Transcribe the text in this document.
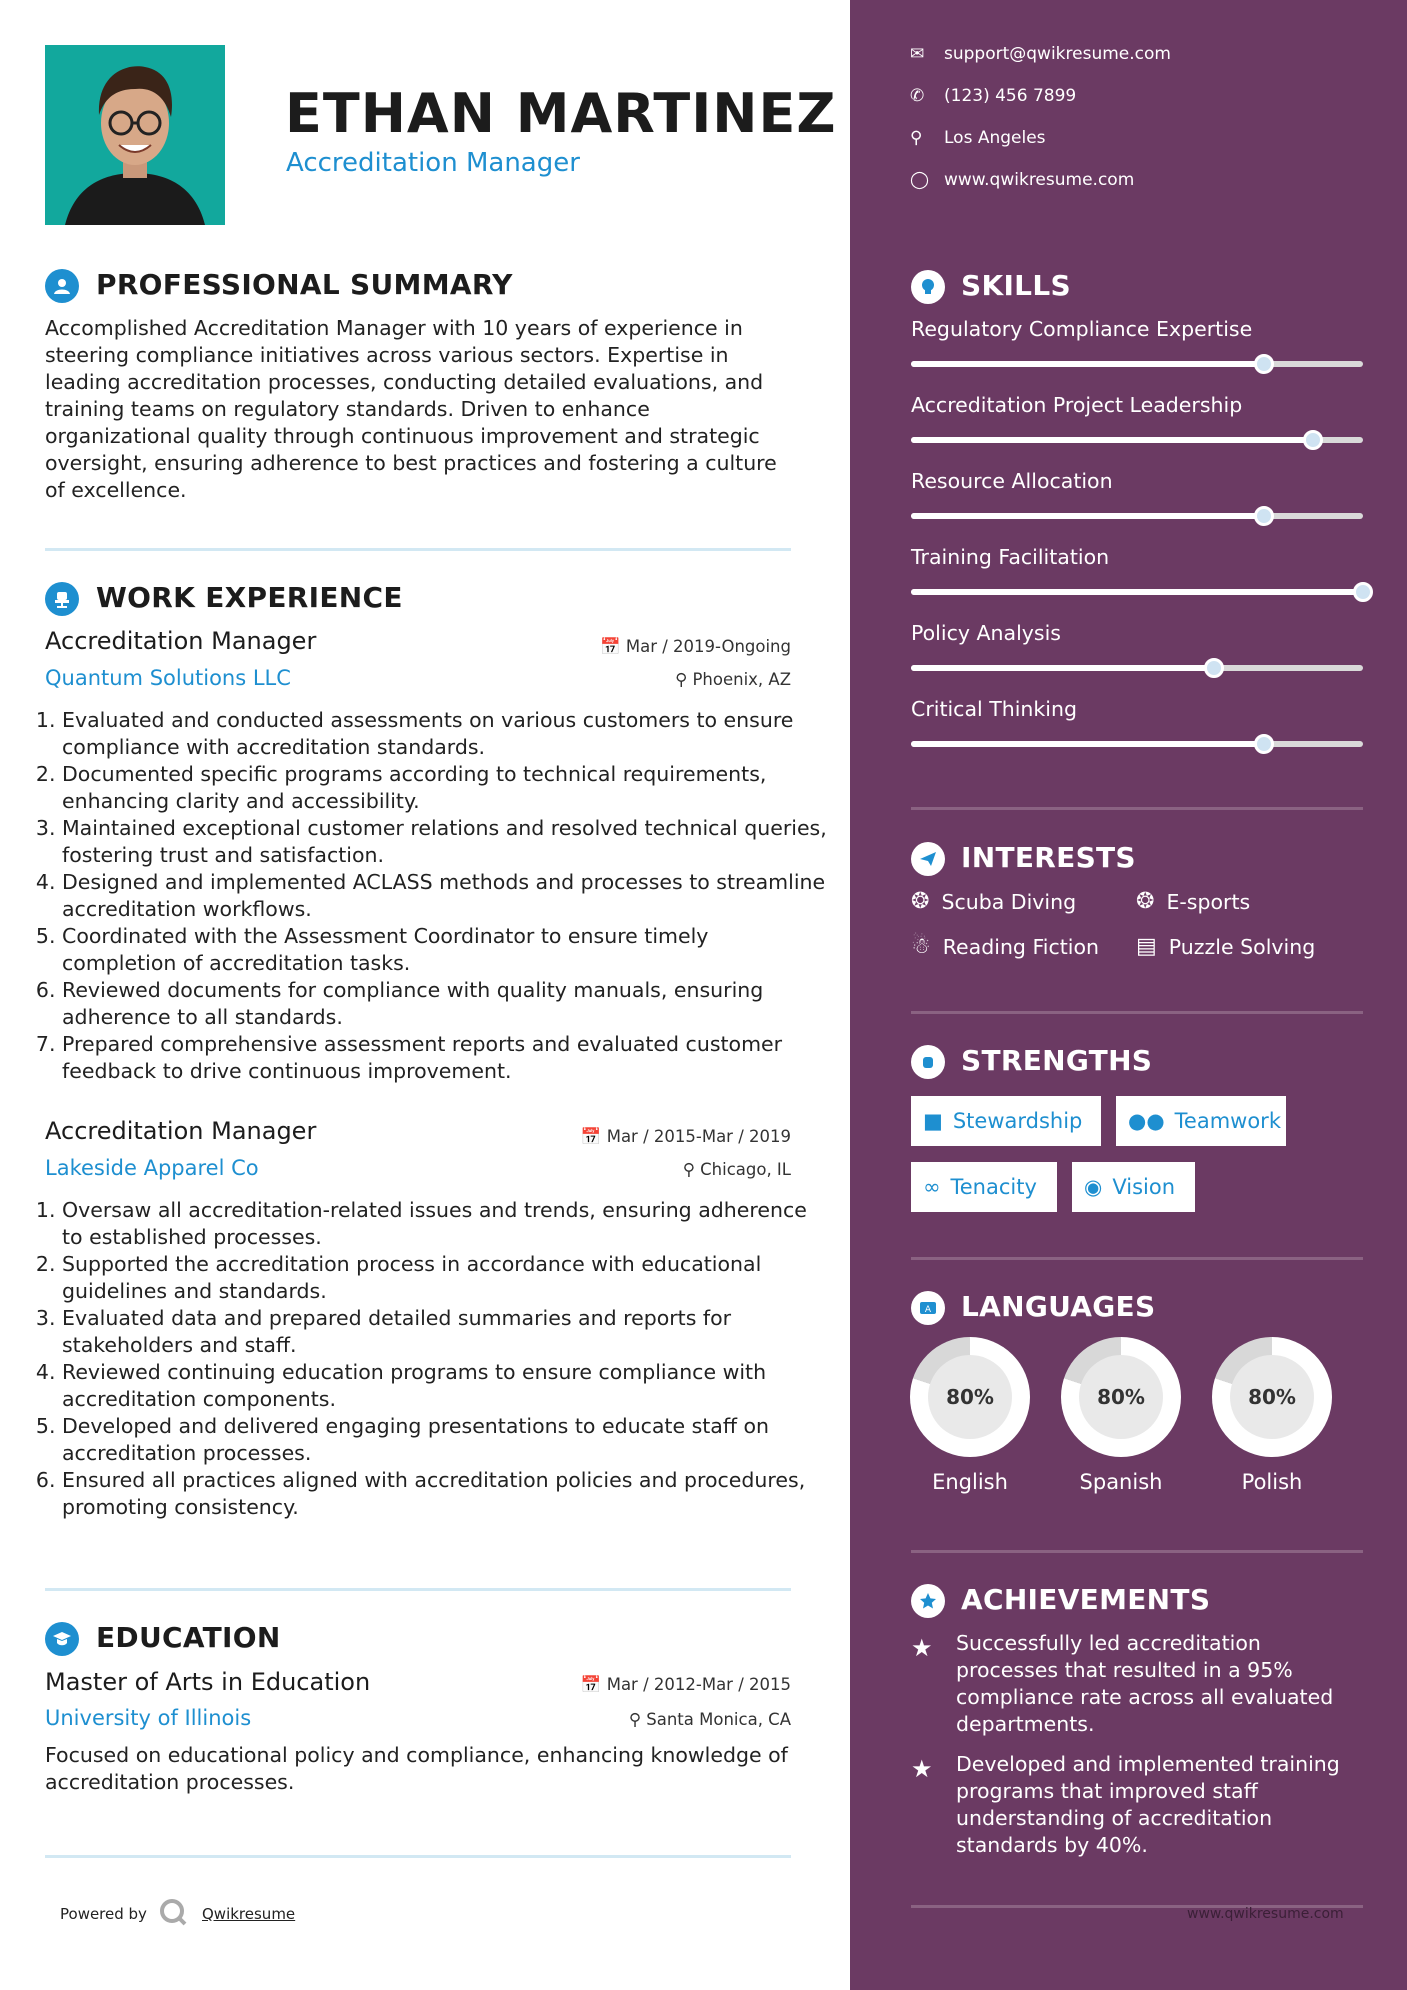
ETHAN MARTINEZ
Accreditation Manager
PROFESSIONAL SUMMARY
Accomplished Accreditation Manager with 10 years of experience in steering compliance initiatives across various sectors. Expertise in leading accreditation processes, conducting detailed evaluations, and training teams on regulatory standards. Driven to enhance organizational quality through continuous improvement and strategic oversight, ensuring adherence to best practices and fostering a culture of excellence.
WORK EXPERIENCE
Accreditation Manager	📅 Mar / 2019-Ongoing
Quantum Solutions LLC	⚲ Phoenix, AZ
1. Evaluated and conducted assessments on various customers to ensure compliance with accreditation standards.
2. Documented specific programs according to technical requirements, enhancing clarity and accessibility.
3. Maintained exceptional customer relations and resolved technical queries, fostering trust and satisfaction.
4. Designed and implemented ACLASS methods and processes to streamline accreditation workflows.
5. Coordinated with the Assessment Coordinator to ensure timely completion of accreditation tasks.
6. Reviewed documents for compliance with quality manuals, ensuring adherence to all standards.
7. Prepared comprehensive assessment reports and evaluated customer feedback to drive continuous improvement.
Accreditation Manager	📅 Mar / 2015-Mar / 2019
Lakeside Apparel Co	⚲ Chicago, IL
1. Oversaw all accreditation-related issues and trends, ensuring adherence to established processes.
2. Supported the accreditation process in accordance with educational guidelines and standards.
3. Evaluated data and prepared detailed summaries and reports for stakeholders and staff.
4. Reviewed continuing education programs to ensure compliance with accreditation components.
5. Developed and delivered engaging presentations to educate staff on accreditation processes.
6. Ensured all practices aligned with accreditation policies and procedures, promoting consistency.
EDUCATION
Master of Arts in Education	📅 Mar / 2012-Mar / 2015
University of Illinois	⚲ Santa Monica, CA
Focused on educational policy and compliance, enhancing knowledge of accreditation processes.
Powered by	Qwikresume
✉ support@qwikresume.com
✆ (123) 456 7899
⚲ Los Angeles
◯ www.qwikresume.com
SKILLS
Regulatory Compliance Expertise
Accreditation Project Leadership
Resource Allocation
Training Facilitation
Policy Analysis
Critical Thinking
INTERESTS
❂ Scuba Diving	❂ E-sports
☃ Reading Fiction ▤ Puzzle Solving
STRENGTHS
■ Stewardship ●● Teamwork
∞ Tenacity ◉ Vision
A LANGUAGES
80%
English
80%
Spanish
80%
Polish
ACHIEVEMENTS
★ Successfully led accreditation processes that resulted in a 95% compliance rate across all evaluated departments.
★ Developed and implemented training programs that improved staff understanding of accreditation standards by 40%.
www.qwikresume.com
